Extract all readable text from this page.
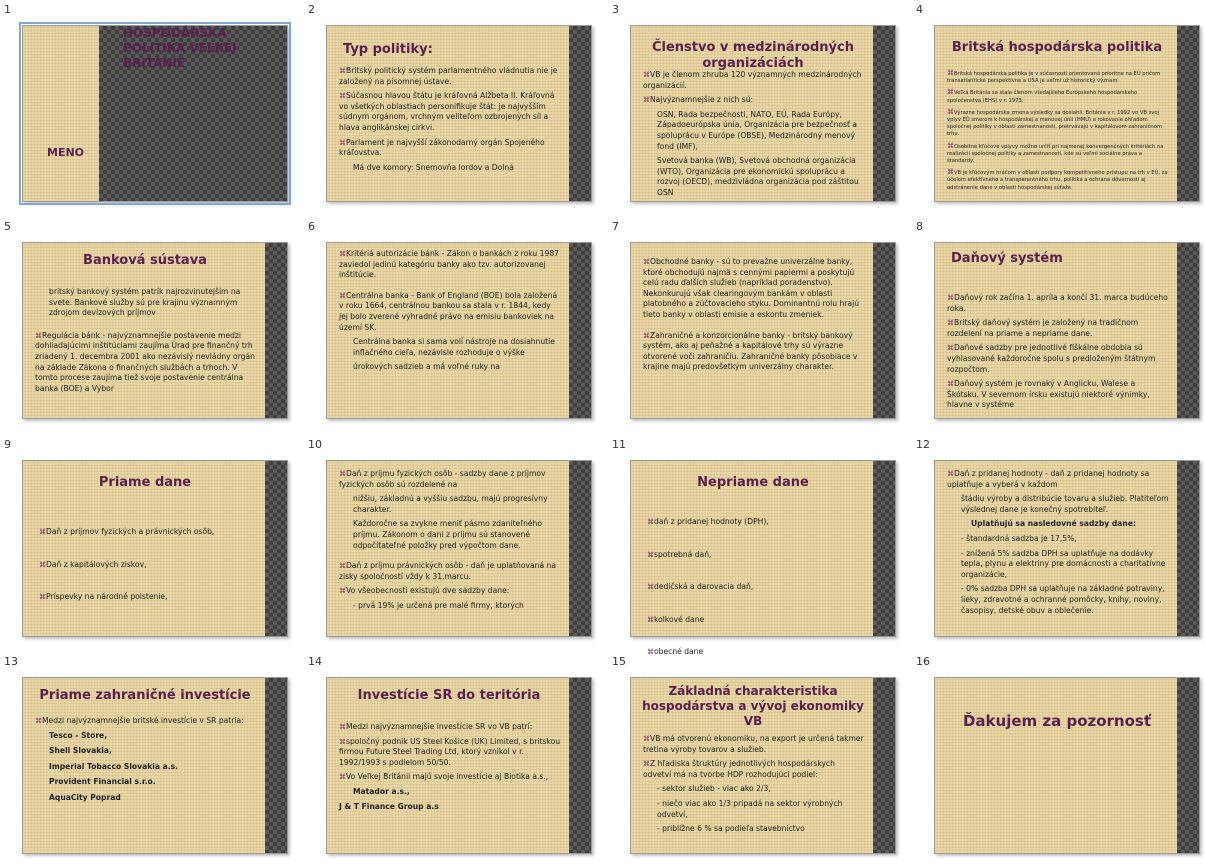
1
HOSPODÁRSKA POLITIKA VEĽKEJ BRITÁNIE
MENO
2
Typ politiky:

⌘ Britský politický systém parlamentného vládnutia nie je založený na písomnej ústave.

⌘ Súčasnou hlavou štátu je kráľovná Alžbeta II. Kráľovná vo všetkých oblastiach personifikuje štát: je najvyšším súdnym orgánom, vrchným veliteľom ozbrojených síl a hlava anglikánskej cirkvi.

⌘ Parlament je najvyšší zákonodarný orgán Spojeného kráľovstva.

Má dve komory: Snemovňa lordov a Dolná

3
Členstvo v medzinárodných organizáciách

⌘ VB je členom zhruba 120 významných medzinárodných organizácií.

⌘ Najvýznamnejšie z nich sú:

OSN, Rada bezpečnosti, NATO, EÚ, Rada Európy, Západoeurópska únia, Organizácia pre bezpečnosť a spoluprácu v Európe (OBSE), Medzinárodný menový fond (IMF),

Svetová banka (WB), Svetová obchodná organizácia (WTO), Organizácia pre ekonomickú spoluprácu a rozvoj (OECD), medzivládna organizácia pod záštitou OSN

4
Britská hospodárska politika

⌘ Britská hospodárska politika je v súčasnosti orientovaná prioritne na EÚ pričom transatlantické perspektívne a USA je veľmi už historický význam.

⌘ Veľká Británia sa stala členom vtedajšieho Európskeho hospodárskeho spoločenstva (EHS) v r. 1973.

⌘ Výrazne hospodárska zmena výsledky sa dosiahli. Británia v r. 1992 vo VB svoj vplyv EÚ smerom k hospodárskej a menovej únii (HMÚ) a rokovanie ohľadom spoločnej politiky v oblasti zamestnanosti, pretrvávajú v kapitálovom zahraničnom trhu.

⌘ Osobitné kľúčové vplyvy možno určiť pri najmenej konvergenčných kritériách na realizácii spoločnej politiky a zamestnanosti, kde sú veľmi sociálne práva a štandardy.

⌘ VB je kľúčovým hráčom v oblasti podpory kompetitívneho prístupu na trh v EÚ, za účelom efektívneho a transparentného trhu, politika a ochrana dôvernosti aj odstránenie dane v oblasti hospodárskej súťaže.

5
Banková sústava

britský bankový systém patrík najrozvinutejším na svete. Bankové služby sú pre krajinu významným zdrojom devízových príjmov

⌘ Regulácia bánk - najvýznamnejšie postavenie medzi dohliadajúcimi inštitúciami zaujíma Úrad pre finančný trh zriadený 1. decembra 2001 ako nezávislý nevládny orgán na základe Zákona o finančných službách a trhoch. V tomto procese zaujíma tiež svoje postavenie centrálna banka (BOE) a Výbor

6

⌘ Kritériá autorizácie bánk - Zákon o bankách z roku 1987 zaviedol jedinú kategóriu banky ako tzv. autorizovanej inštitúcie.

⌘ Centrálna banka - Bank of England (BOE) bola založená v roku 1664, centrálnou bankou sa stala v r. 1844, kedy jej bolo zverené výhradné právo na emisiu bankoviek na území SK.

Centrálna banka si sama volí nástroje na dosiahnutie inflačného cieľa, nezávisle rozhoduje o výške

úrokových sadzieb a má voľné ruky na

7

⌘ Obchodné banky - sú to prevažne univerzálne banky, ktoré obchodujú najmä s cennými papiermi a poskytujú celú radu ďalších služieb (napríklad poradenstvo). Nekonkurujú však clearingovým bankám v oblasti platobného a zúčtovacieho styku. Dominantnú rolu hrajú tieto banky v oblasti emisie a eskontu zmeniek.

⌘ Zahraničné a konzorcionálne banky - britský bankový systém, ako aj peňažné a kapitálové trhy sú výrazne otvorené voči zahraničiu. Zahraničné banky pôsobiace v krajine majú predovšetkým univerzálny charakter.

8
Daňový systém

⌘ Daňový rok začína 1. apríla a končí 31. marca budúceho roka.

⌘ Britský daňový systém je založený na tradičnom rozdelení na priame a nepriame dane.

⌘ Daňové sadzby pre jednotlivé fiškálne obdobia sú vyhlasované každoročne spolu s predloženým štátnym rozpočtom.

⌘ Daňový systém je rovnaký v Anglicku, Walese a Škótsku. V severnom írsku existujú niektoré výnimky, hlavne v systéme

9
Priame dane

⌘ Daň z príjmov fyzických a právnických osôb,

⌘ Daň z kapitálových ziskov,

⌘ Príspevky na národné poistenie,

10

⌘ Daň z príjmu fyzických osôb - sadzby dane z príjmov fyzických osôb sú rozdelené na

nižšiu, základnú a vyššiu sadzbu, majú progresívny charakter.

Každoročne sa zvykne meniť pásmo zdaniteľného príjmu. Zákonom o dani z príjmu sú stanovené odpočítateľné položky pred výpočtom dane.

⌘ Daň z príjmu právnických osôb - daň je uplatňovaná na zisky spoločností vždy k 31.marcu.

⌘ Vo všeobecnosti existujú dve sadzby dane:

- prvá 19% je určená pre malé firmy, ktorých

11
Nepriame dane

⌘ daň z pridanej hodnoty (DPH),

⌘ spotrebná daň,

⌘ dedičská a darovacia daň,

⌘ kolkové dane

⌘ obecné dane

12

⌘ Daň z pridanej hodnoty - daň z pridanej hodnoty sa uplatňuje a vyberá v každom

štádiu výroby a distribúcie tovaru a služieb. Platiteľom výslednej dane je konečný spotrebiteľ.

Uplatňujú sa nasledovné sadzby dane:

- štandardná sadzba je 17,5%,

- znížená 5% sadzba DPH sa uplatňuje na dodávky tepla, plynu a elektriny pre domácnosti a charitatívne organizácie,

- 0% sadzba DPH sa uplatňuje na základné potraviny, lieky, zdravotné a ochranné pomôcky, knihy, noviny, časopisy, detské obuv a oblečenie.

13
Priame zahraničné investície

⌘ Medzi najvýznamnejšie britské investície v SR patria:

Tesco - Store,

Shell Slovakia,

Imperial Tobacco Slovakia a.s.

Provident Financial s.r.o.

AquaCity Poprad

14
Investície SR do teritória

⌘ Medzi najvýznamnejšie investície SR vo VB patrí:

⌘ spoločný podnik US Steel Košice (UK) Limited, s britskou firmou Future Steel Trading Ltd, ktorý vznikol v r. 1992/1993 s podielom 50/50.

⌘ Vo Veľkej Británii majú svoje investície aj Biotika a.s.,

Matador a.s.,

J & T Finance Group a.s

15
Základná charakteristika hospodárstva a vývoj ekonomiky VB

⌘ VB má otvorenú ekonomiku, na export je určená takmer tretina výroby tovarov a služieb.

⌘ Z hľadiska štruktúry jednotlivých hospodárskych odvetví má na tvorbe HDP rozhodujúci podiel:

- sektor služieb - viac ako 2/3,

- niečo viac ako 1/3 pripadá na sektor výrobných odvetví,

- približne 6 % sa podieľa stavebníctvo

16
Ďakujem za pozornosť
